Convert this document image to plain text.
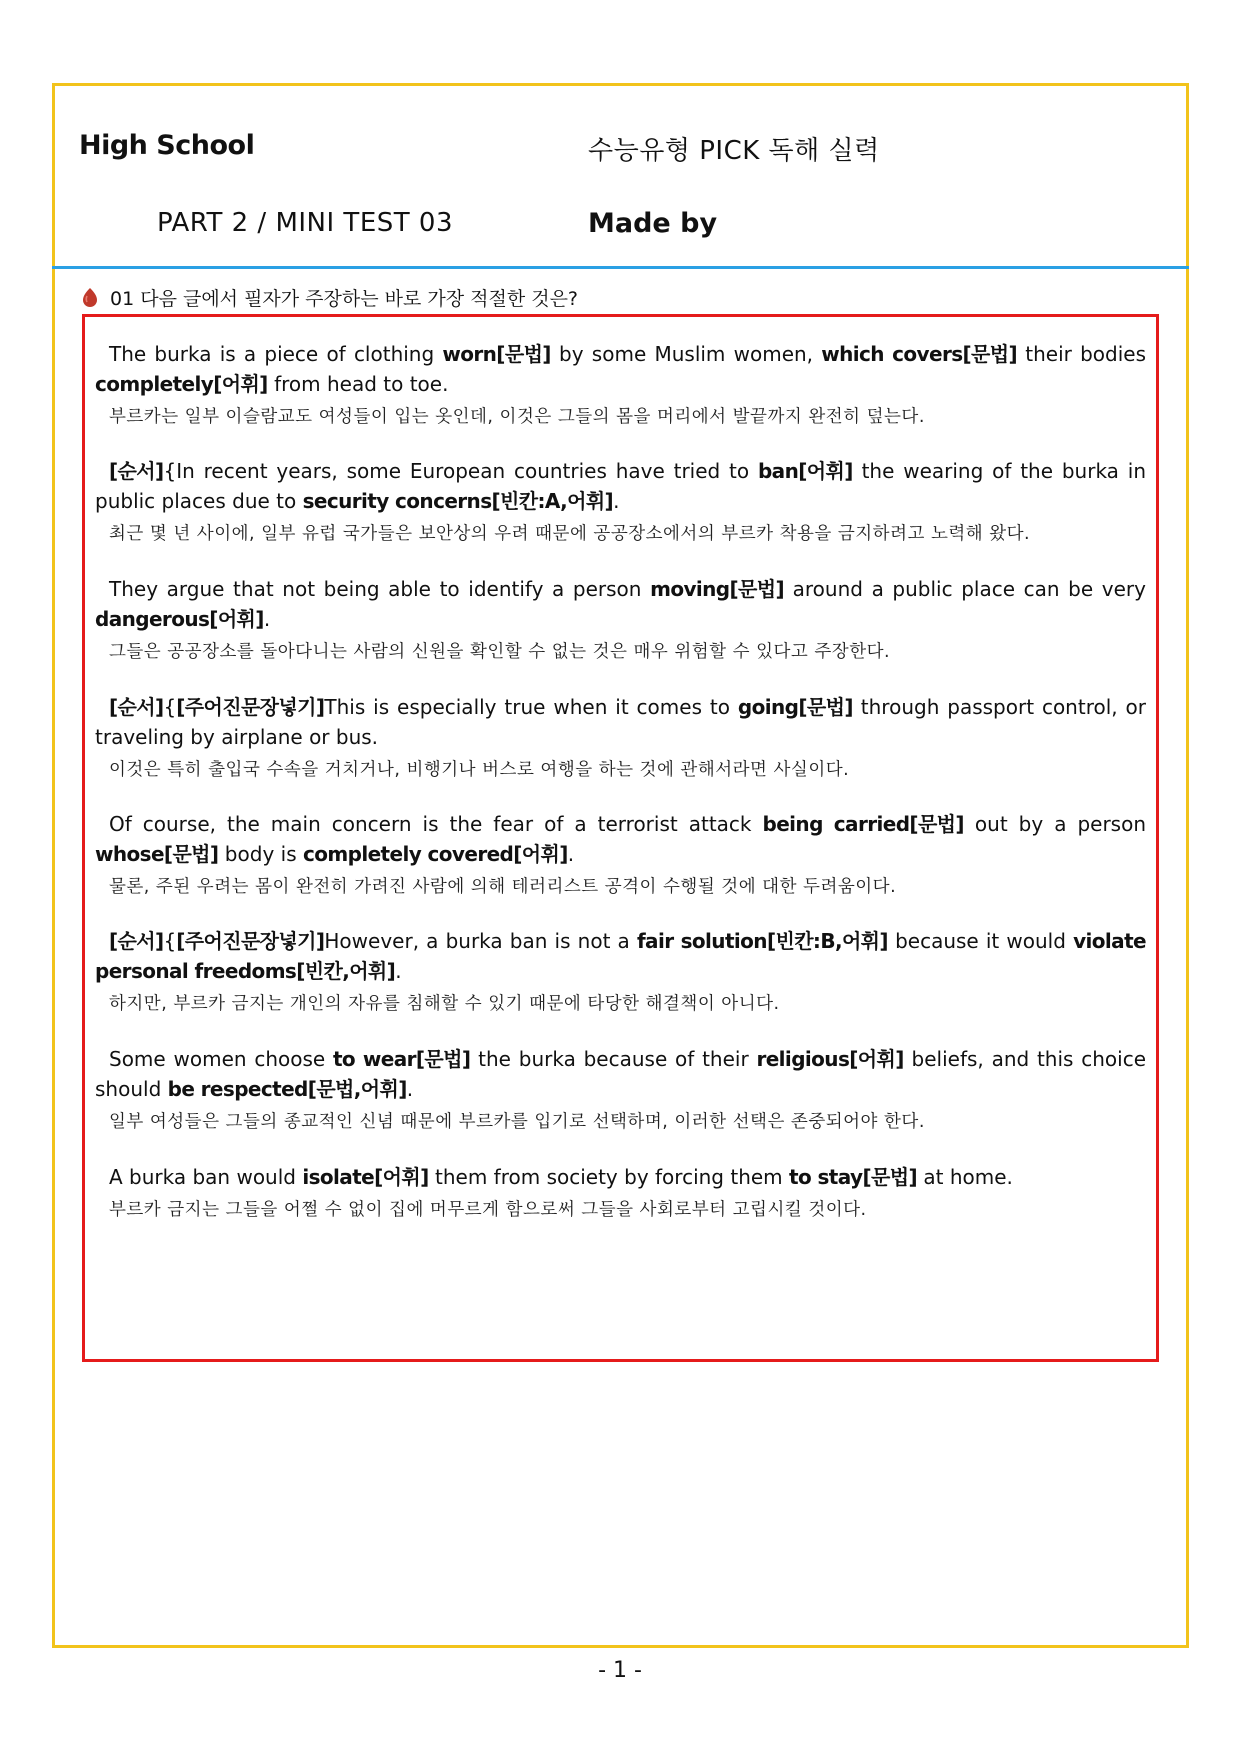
High School	수능유형 PICK 독해 실력
PART 2 / MINI TEST 03	Made by
01 다음 글에서 필자가 주장하는 바로 가장 적절한 것은?
The burka is a piece of clothing worn[문법] by some Muslim women, which covers[문법] their bodies completely[어휘] from head to toe.
부르카는 일부 이슬람교도 여성들이 입는 옷인데, 이것은 그들의 몸을 머리에서 발끝까지 완전히 덮는다.
[순서]{In recent years, some European countries have tried to ban[어휘] the wearing of the burka in public places due to security concerns[빈칸:A,어휘].
최근 몇 년 사이에, 일부 유럽 국가들은 보안상의 우려 때문에 공공장소에서의 부르카 착용을 금지하려고 노력해 왔다.
They argue that not being able to identify a person moving[문법] around a public place can be very dangerous[어휘].
그들은 공공장소를 돌아다니는 사람의 신원을 확인할 수 없는 것은 매우 위험할 수 있다고 주장한다.
[순서]{[주어진문장넣기]This is especially true when it comes to going[문법] through passport control, or traveling by airplane or bus.
이것은 특히 출입국 수속을 거치거나, 비행기나 버스로 여행을 하는 것에 관해서라면 사실이다.
Of course, the main concern is the fear of a terrorist attack being carried[문법] out by a person whose[문법] body is completely covered[어휘].
물론, 주된 우려는 몸이 완전히 가려진 사람에 의해 테러리스트 공격이 수행될 것에 대한 두려움이다.
[순서]{[주어진문장넣기]However, a burka ban is not a fair solution[빈칸:B,어휘] because it would violate personal freedoms[빈칸,어휘].
하지만, 부르카 금지는 개인의 자유를 침해할 수 있기 때문에 타당한 해결책이 아니다.
Some women choose to wear[문법] the burka because of their religious[어휘] beliefs, and this choice should be respected[문법,어휘].
일부 여성들은 그들의 종교적인 신념 때문에 부르카를 입기로 선택하며, 이러한 선택은 존중되어야 한다.
A burka ban would isolate[어휘] them from society by forcing them to stay[문법] at home.
부르카 금지는 그들을 어쩔 수 없이 집에 머무르게 함으로써 그들을 사회로부터 고립시킬 것이다.
- 1 -
